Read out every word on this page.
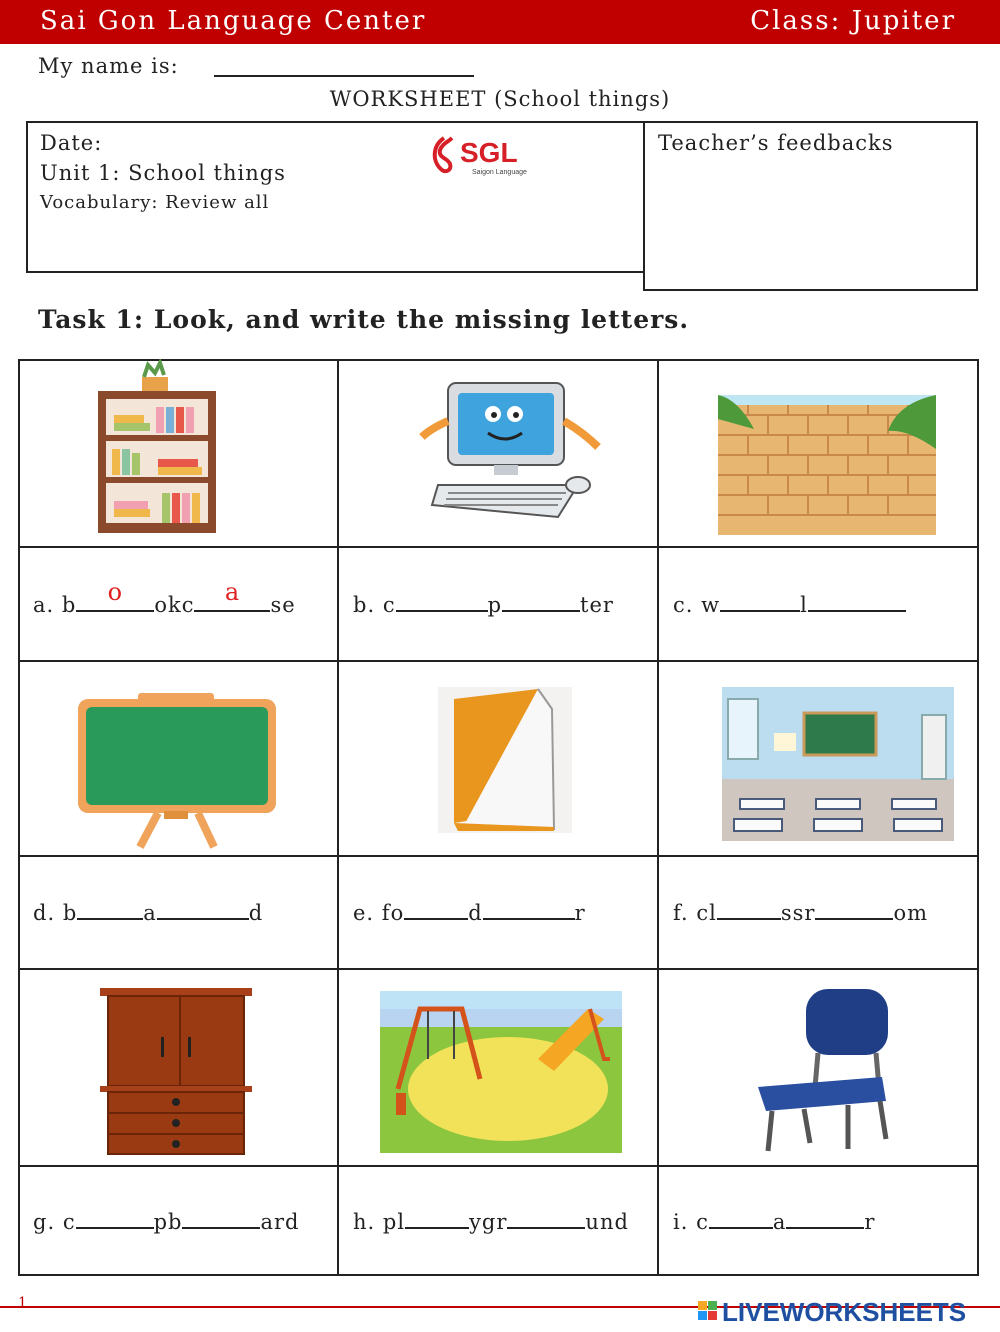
Sai Gon Language Center	Class: Jupiter
My name is:
WORKSHEET (School things)
Date:
Unit 1: School things
Vocabulary: Review all
Teacher’s feedbacks
SGL
Saigon Language
Task 1: Look, and write the missing letters.
a. b	o	okc	a	se	b. c	p	ter	c. w	l
d. b	a	d	e. fo	d	r	f. cl	ssr	om
g. c	pb	ard	h. pl	ygr	und i. c	a	r
1	LIVEWORKSHEETS
